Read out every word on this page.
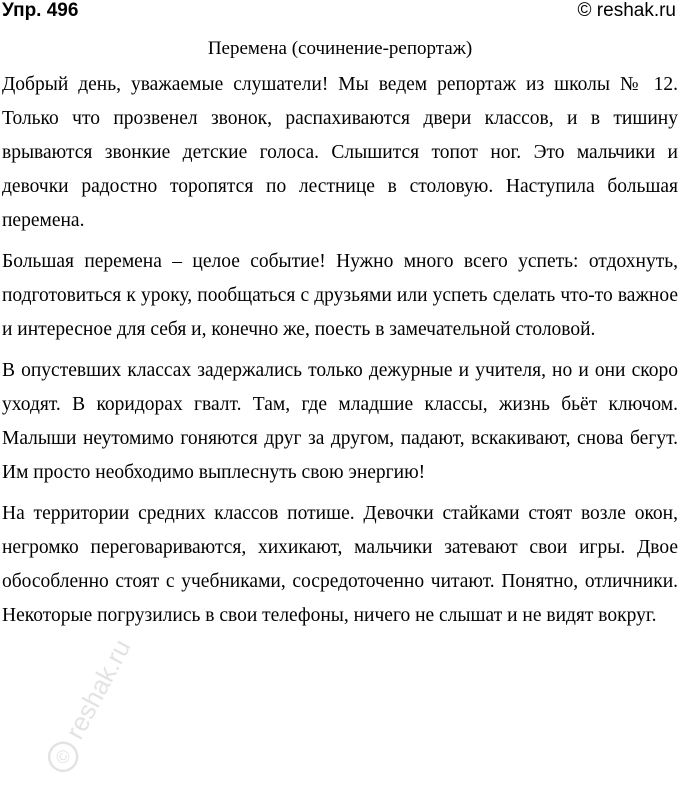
Упр. 496	© reshak.ru
Перемена (сочинение-репортаж)

Добрый день, уважаемые слушатели! Мы ведем репортаж из школы № 12. Только что прозвенел звонок, распахиваются двери классов, и в тишину врываются звонкие детские голоса. Слышится топот ног. Это мальчики и девочки радостно торопятся по лестнице в столовую. Наступила большая перемена.

Большая перемена – целое событие! Нужно много всего успеть: отдохнуть, подготовиться к уроку, пообщаться с друзьями или успеть сделать что-то важное и интересное для себя и, конечно же, поесть в замечательной столовой.

В опустевших классах задержались только дежурные и учителя, но и они скоро уходят. В коридорах гвалт. Там, где младшие классы, жизнь бьёт ключом. Малыши неутомимо гоняются друг за другом, падают, вскакивают, снова бегут. Им просто необходимо выплеснуть свою энергию!

На территории средних классов потише. Девочки стайками стоят возле окон, негромко переговариваются, хихикают, мальчики затевают свои игры. Двое обособленно стоят с учебниками, сосредоточенно читают. Понятно, отличники. Некоторые погрузились в свои телефоны, ничего не слышат и не видят вокруг.

©
reshak.ru
